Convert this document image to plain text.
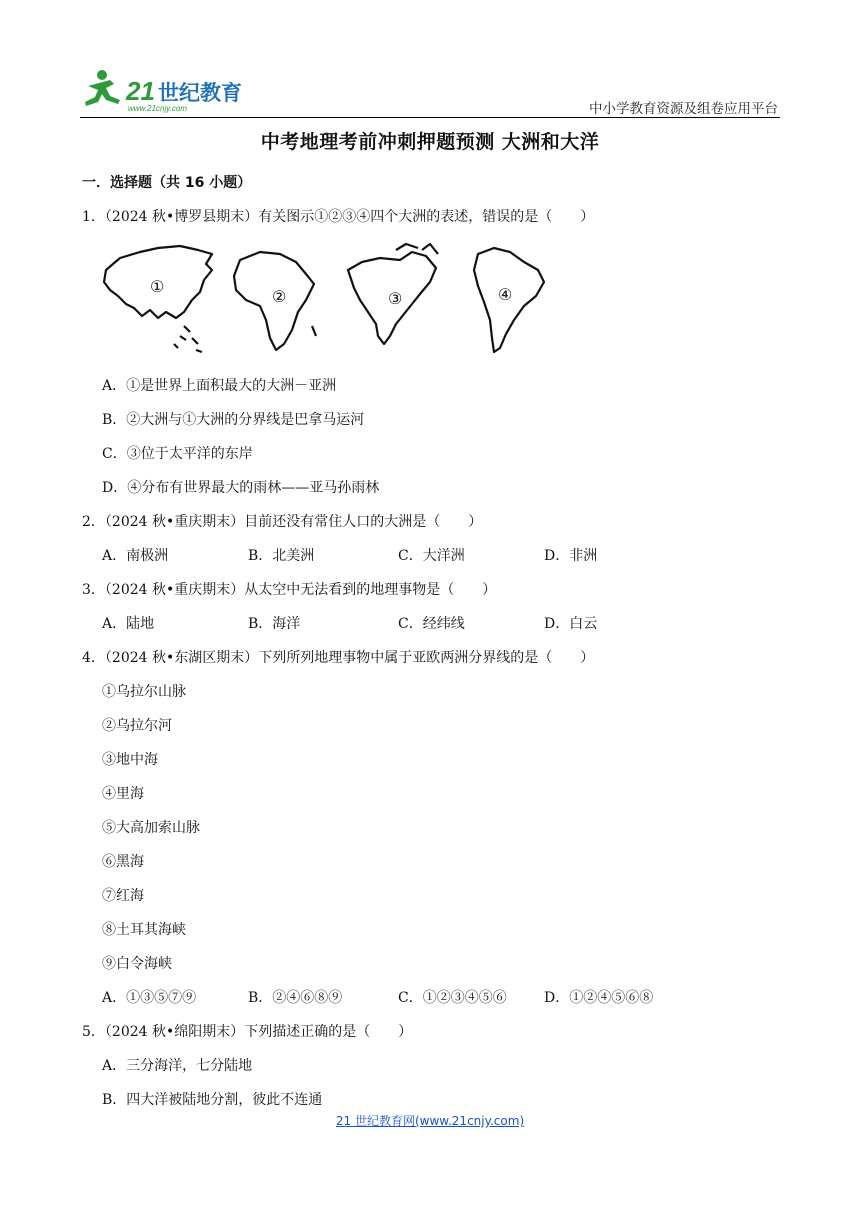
21 世纪教育
www.21cnjy.com	中小学教育资源及组卷应用平台
中考地理考前冲刺押题预测 大洲和大洋
一．选择题（共 16 小题）
1．（2024 秋•博罗县期末）有关图示①②③④四个大洲的表述，错误的是（　　）
①
②	③	④
A．①是世界上面积最大的大洲－亚洲
B．②大洲与①大洲的分界线是巴拿马运河
C．③位于太平洋的东岸
D．④分布有世界最大的雨林——亚马孙雨林
2．（2024 秋•重庆期末）目前还没有常住人口的大洲是（　　）
A．南极洲	B．北美洲	C．大洋洲	D．非洲
3．（2024 秋•重庆期末）从太空中无法看到的地理事物是（　　）
A．陆地	B．海洋	C．经纬线	D．白云
4．（2024 秋•东湖区期末）下列所列地理事物中属于亚欧两洲分界线的是（　　）
①乌拉尔山脉
②乌拉尔河
③地中海
④里海
⑤大高加索山脉
⑥黑海
⑦红海
⑧土耳其海峡
⑨白令海峡
A．①③⑤⑦⑨	B．②④⑥⑧⑨	C．①②③④⑤⑥	D．①②④⑤⑥⑧
5．（2024 秋•绵阳期末）下列描述正确的是（　　）
A．三分海洋，七分陆地
B．四大洋被陆地分割，彼此不连通
21 世纪教育网(www.21cnjy.com)
